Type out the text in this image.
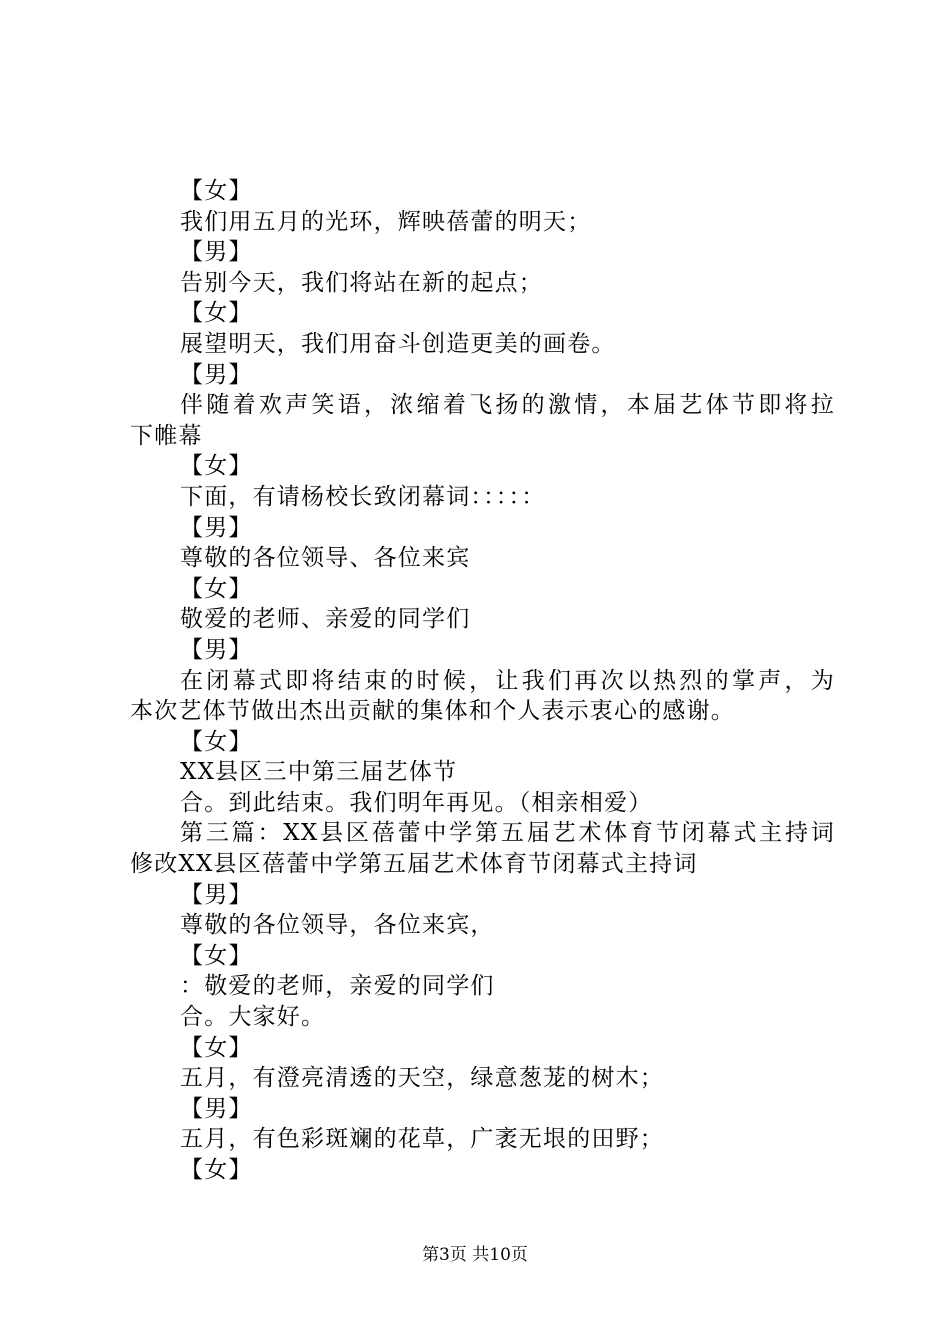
【女】
我们用五月的光环，辉映蓓蕾的明天；
【男】
告别今天，我们将站在新的起点；
【女】
展望明天，我们用奋斗创造更美的画卷。
【男】
伴随着欢声笑语，浓缩着飞扬的激情，本届艺体节即将拉
下帷幕
【女】
下面，有请杨校长致闭幕词：：：：：
【男】
尊敬的各位领导、各位来宾
【女】
敬爱的老师、亲爱的同学们
【男】
在闭幕式即将结束的时候，让我们再次以热烈的掌声，为
本次艺体节做出杰出贡献的集体和个人表示衷心的感谢。
【女】
XX县区三中第三届艺体节
合。到此结束。我们明年再见。（相亲相爱）
第三篇：XX县区蓓蕾中学第五届艺术体育节闭幕式主持词
修改XX县区蓓蕾中学第五届艺术体育节闭幕式主持词
【男】
尊敬的各位领导，各位来宾，
【女】
：敬爱的老师，亲爱的同学们
合。大家好。
【女】
五月，有澄亮清透的天空，绿意葱茏的树木；
【男】
五月，有色彩斑斓的花草，广袤无垠的田野；
【女】
第3页 共10页
